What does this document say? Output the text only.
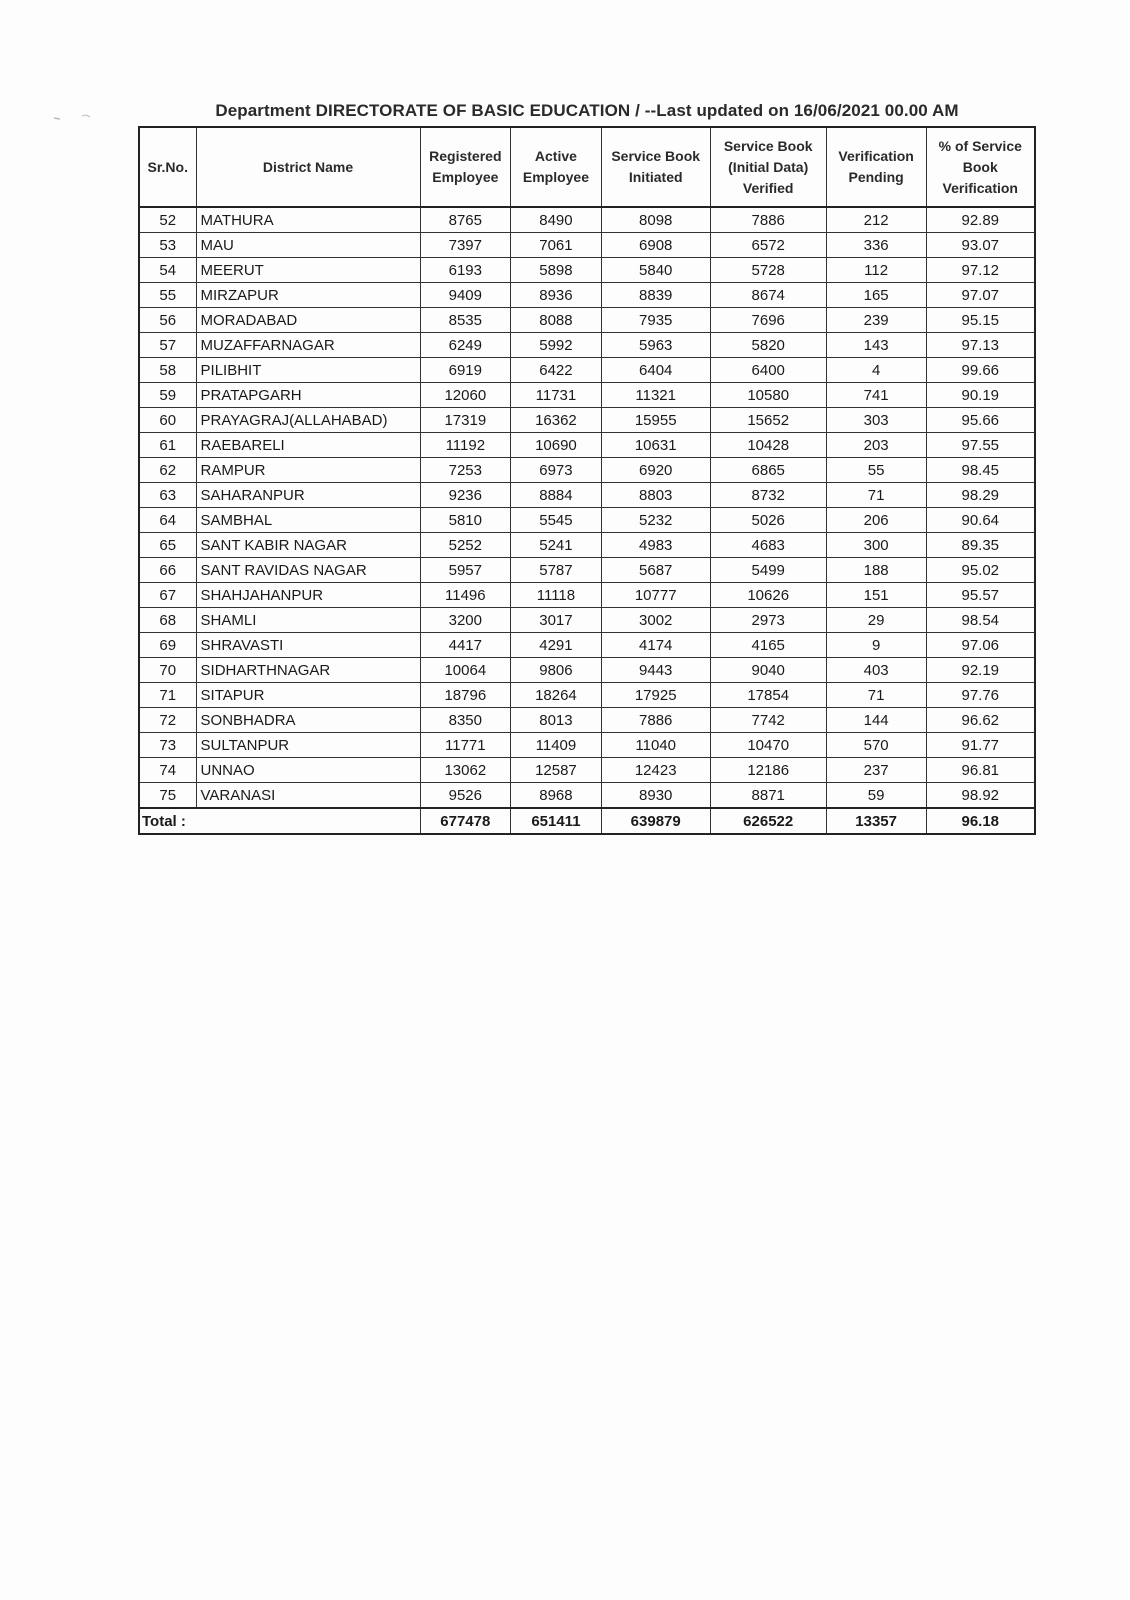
Department DIRECTORATE OF BASIC EDUCATION / --Last updated on 16/06/2021 00.00 AM
Sr.No.	District Name	Registered Employee	Active Employee	Service Book Initiated	Service Book (Initial Data) Verified	Verification Pending	% of Service Book Verification
52	MATHURA	8765	8490	8098	7886	212	92.89
53	MAU	7397	7061	6908	6572	336	93.07
54	MEERUT	6193	5898	5840	5728	112	97.12
55	MIRZAPUR	9409	8936	8839	8674	165	97.07
56	MORADABAD	8535	8088	7935	7696	239	95.15
57	MUZAFFARNAGAR	6249	5992	5963	5820	143	97.13
58	PILIBHIT	6919	6422	6404	6400	4	99.66
59	PRATAPGARH	12060	11731	11321	10580	741	90.19
60	PRAYAGRAJ(ALLAHABAD)	17319	16362	15955	15652	303	95.66
61	RAEBARELI	11192	10690	10631	10428	203	97.55
62	RAMPUR	7253	6973	6920	6865	55	98.45
63	SAHARANPUR	9236	8884	8803	8732	71	98.29
64	SAMBHAL	5810	5545	5232	5026	206	90.64
65	SANT KABIR NAGAR	5252	5241	4983	4683	300	89.35
66	SANT RAVIDAS NAGAR	5957	5787	5687	5499	188	95.02
67	SHAHJAHANPUR	11496	11118	10777	10626	151	95.57
68	SHAMLI	3200	3017	3002	2973	29	98.54
69	SHRAVASTI	4417	4291	4174	4165	9	97.06
70	SIDHARTHNAGAR	10064	9806	9443	9040	403	92.19
71	SITAPUR	18796	18264	17925	17854	71	97.76
72	SONBHADRA	8350	8013	7886	7742	144	96.62
73	SULTANPUR	11771	11409	11040	10470	570	91.77
74	UNNAO	13062	12587	12423	12186	237	96.81
75	VARANASI	9526	8968	8930	8871	59	98.92
Total :		677478	651411	639879	626522	13357	96.18
